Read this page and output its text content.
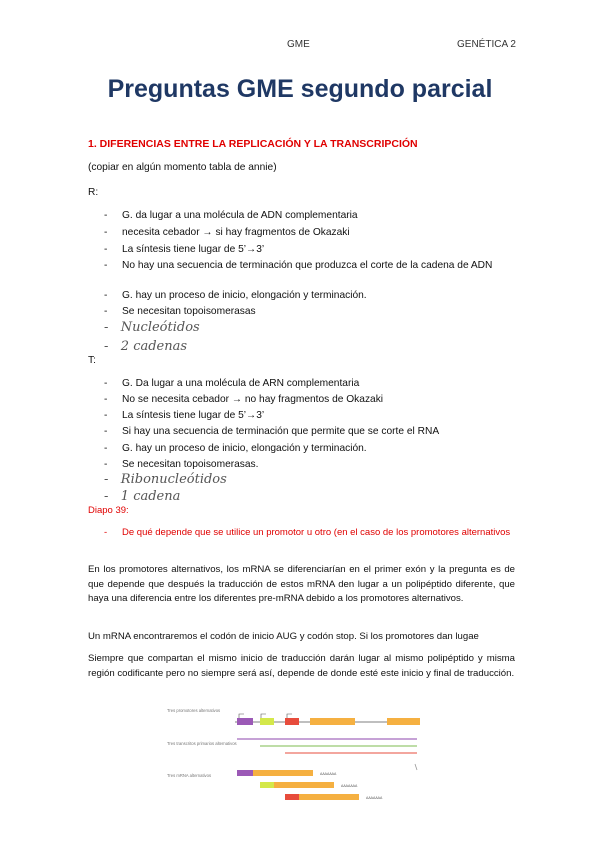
GME	GENÉTICA 2
Preguntas GME segundo parcial
1. DIFERENCIAS ENTRE LA REPLICACIÓN Y LA TRANSCRIPCIÓN
(copiar en algún momento tabla de annie)
R:
- G. da lugar a una molécula de ADN complementaria
- necesita cebador → si hay fragmentos de Okazaki
- La síntesis tiene lugar de 5’→3’
- No hay una secuencia de terminación que produzca el corte de la cadena de ADN
- G. hay un proceso de inicio, elongación y terminación.
- Se necesitan topoisomerasas
-   Nucleótidos
-   2 cadenas
T:
- G. Da lugar a una molécula de ARN complementaria
- No se necesita cebador → no hay fragmentos de Okazaki
- La síntesis tiene lugar de 5’→3’
- Si hay una secuencia de terminación que permite que se corte el RNA
- G. hay un proceso de inicio, elongación y terminación.
- Se necesitan topoisomerasas.
-   Ribonucleótidos
-   1 cadena
Diapo 39:
- De qué depende que se utilice un promotor u otro (en el caso de los promotores alternativos
En los promotores alternativos, los mRNA se diferenciarían en el primer exón y la pregunta es de que depende que después la traducción de estos mRNA den lugar a un polipéptido diferente, que haya una diferencia entre los diferentes pre-mRNA debido a los promotores alternativos.
Un mRNA encontraremos el codón de inicio AUG y codón stop. Si los promotores dan lugae
Siempre que compartan el mismo inicio de traducción darán lugar al mismo polipéptido y misma región codificante pero no siempre será así, depende de donde esté este inicio y final de traducción.
Tres promotores alternativos
Tres transcritos primarios alternativos
Tres mRNA alternativos	AAAAAAA
AAAAAAA
AAAAAAA
